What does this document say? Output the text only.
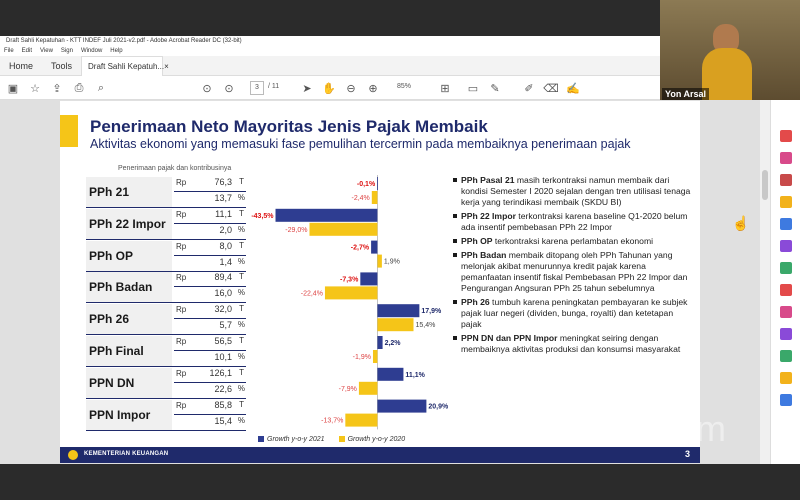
Draft Sahli Kepatuhan - KTT INDEF Juli 2021-v2.pdf - Adobe Acrobat Reader DC (32-bit)
File Edit View Sign Window Help
Home	Tools	Draft Sahli Kepatuh... ×
▣ ☆ ⇪ ⎙	⌕	⊙ ⊙	3	/ 11 ➤ ✋ ⊖ ⊕	85%	⊞ ▭ ✎ ✐ ⌫ ✍
Penerimaan Neto Mayoritas Jenis Pajak Membaik
Aktivitas ekonomi yang memasuki fase pemulihan tercermin pada membaiknya penerimaan pajak
Penerimaan pajak dan kontribusinya
PPh 21
Rp	76,3 T
13,7 %
PPh 22 Impor
Rp	11,1 T
2,0 %
PPh OP
Rp	8,0 T
1,4 %
PPh Badan
Rp	89,4 T
16,0 %
PPh 26
Rp	32,0 T
5,7 %
PPh Final
Rp	56,5 T
10,1 %
PPN DN
Rp	126,1 T
22,6 %
PPN Impor
Rp	85,8 T
15,4 %
-0,1%
-2,4%
-43,5%
-29,0%
-2,7%
1,9%
-7,3%
-22,4%
17,9%
15,4%
2,2%
-1,9%
11,1%
-7,9%
20,9%
-13,7%
Growth y-o-y 2021	Growth y-o-y 2020
PPh Pasal 21 masih terkontraksi namun membaik dari kondisi Semester I 2020 sejalan dengan tren utilisasi tenaga kerja yang terindikasi membaik (SKDU BI)
PPh 22 Impor terkontraksi karena baseline Q1-2020 belum ada insentif pembebasan PPh 22 Impor
PPh OP terkontraksi karena perlambatan ekonomi
PPh Badan membaik ditopang oleh PPh Tahunan yang melonjak akibat menurunnya kredit pajak karena pemanfaatan insentif fiskal Pembebasan PPh 22 Impor dan Pengurangan Angsuran PPh 25 tahun sebelumnya
PPh 26 tumbuh karena peningkatan pembayaran ke subjek pajak luar negeri (dividen, bunga, royalti) dan ketetapan pajak
PPN DN dan PPN Impor meningkat seiring dengan membaiknya aktivitas produksi dan konsumsi masyarakat
KEMENTERIAN KEUANGAN	3
Yon Arsal
zoom
☝
